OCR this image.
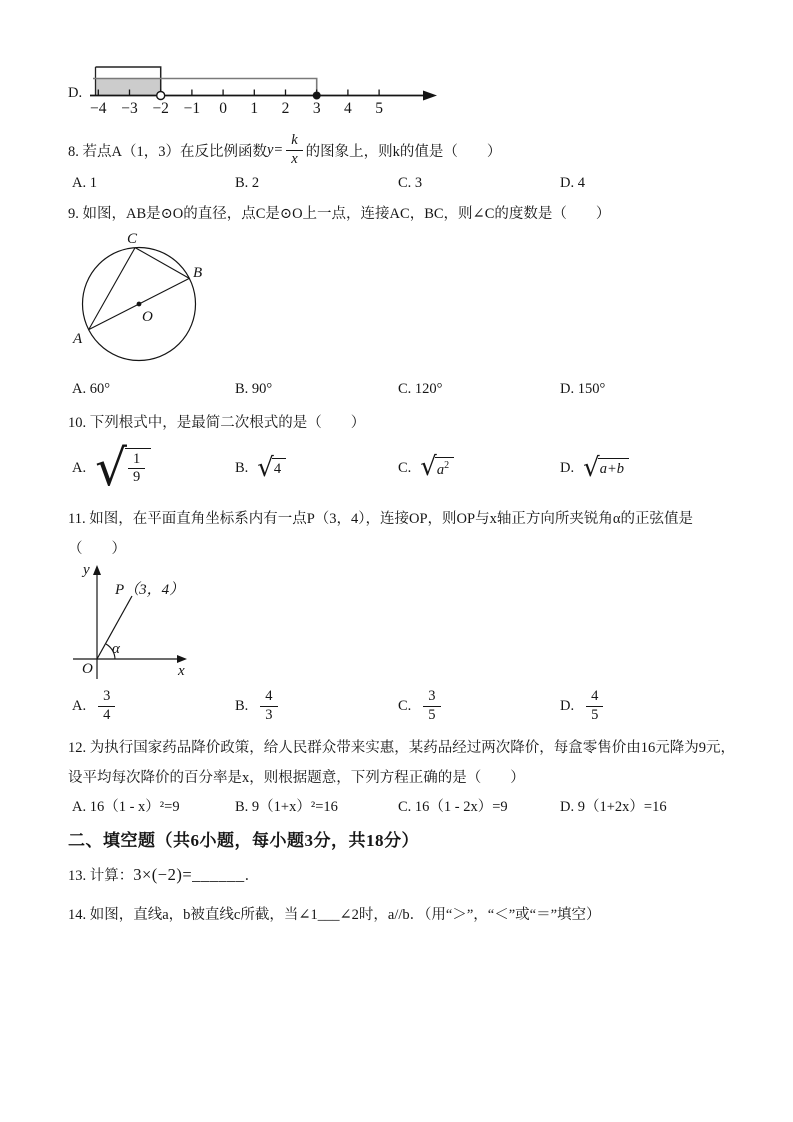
D.
−4 −3 −2 −1 0 1 2 3 4 5
8. 若点A（1，3）在反比例函数 $y= \frac{k}{x}$ 的图象上，则k的值是（　　）
A. 1	B. 2	C. 3	D. 4
9. 如图，AB是⊙O的直径，点C是⊙O上一点，连接AC，BC，则∠C的度数是（　　）
A
B
C
O
A. 60°	B. 90°	C. 120°	D. 150°
10. 下列根式中，是最简二次根式的是（　　）
A. √ $\frac{1}{9}$	B. √ 4	C. √ $a^2$	D. √ a+b
11. 如图，在平面直角坐标系内有一点P（3，4），连接OP，则OP与x轴正方向所夹锐角α的正弦值是
（　　）
y
x
O
P（3，4）
α
A. $\frac{3}{4}$	B. $\frac{4}{3}$	C. $\frac{3}{5}$	D. $\frac{4}{5}$
12. 为执行国家药品降价政策，给人民群众带来实惠，某药品经过两次降价，每盒零售价由16元降为9元，
设平均每次降价的百分率是x，则根据题意，下列方程正确的是（　　）
A. 16（1 - x）²=9	B. 9（1+x）²=16	C. 16（1 - 2x）=9	D. 9（1+2x）=16
二、填空题（共6小题，每小题3分，共18分）
13. 计算：3×(−2)=______．
14. 如图，直线a，b被直线c所截，当∠1___∠2时，a//b．（用“＞”，“＜”或“＝”填空）
